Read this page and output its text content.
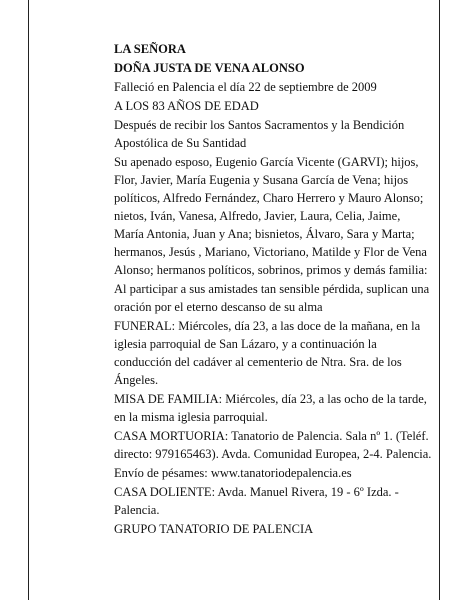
LA SEÑORA

DOÑA JUSTA DE VENA ALONSO

Falleció en Palencia el día 22 de septiembre de 2009

A LOS 83 AÑOS DE EDAD

Después de recibir los Santos Sacramentos y la Bendición Apostólica de Su Santidad

Su apenado esposo, Eugenio García Vicente (GARVI); hijos, Flor, Javier, María Eugenia y Susana García de Vena; hijos políticos, Alfredo Fernández, Charo Herrero y Mauro Alonso; nietos, Iván, Vanesa, Alfredo, Javier, Laura, Celia, Jaime, María Antonia, Juan y Ana; bisnietos, Álvaro, Sara y Marta; hermanos, Jesús , Mariano, Victoriano, Matilde y Flor de Vena Alonso; hermanos políticos, sobrinos, primos y demás familia:

Al participar a sus amistades tan sensible pérdida, suplican una oración por el eterno descanso de su alma

FUNERAL: Miércoles, día 23, a las doce de la mañana, en la iglesia parroquial de San Lázaro, y a continuación la conducción del cadáver al cementerio de Ntra. Sra. de los Ángeles.

MISA DE FAMILIA: Miércoles, día 23, a las ocho de la tarde, en la misma iglesia parroquial.

CASA MORTUORIA: Tanatorio de Palencia. Sala nº 1. (Teléf. directo: 979165463). Avda. Comunidad Europea, 2-4. Palencia.

Envío de pésames: www.tanatoriodepalencia.es

CASA DOLIENTE: Avda. Manuel Rivera, 19 - 6º Izda. - Palencia.

GRUPO TANATORIO DE PALENCIA
